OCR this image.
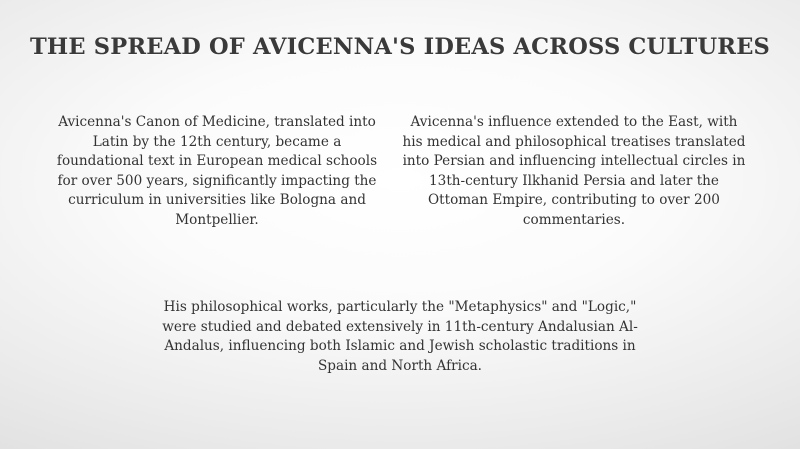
THE SPREAD OF AVICENNA'S IDEAS ACROSS CULTURES
Avicenna's Canon of Medicine, translated into Latin by the 12th century, became a foundational text in European medical schools for over 500 years, significantly impacting the curriculum in universities like Bologna and Montpellier.
Avicenna's influence extended to the East, with his medical and philosophical treatises translated into Persian and influencing intellectual circles in 13th-century Ilkhanid Persia and later the Ottoman Empire, contributing to over 200 commentaries.
His philosophical works, particularly the "Metaphysics" and "Logic," were studied and debated extensively in 11th-century Andalusian Al-Andalus, influencing both Islamic and Jewish scholastic traditions in Spain and North Africa.
